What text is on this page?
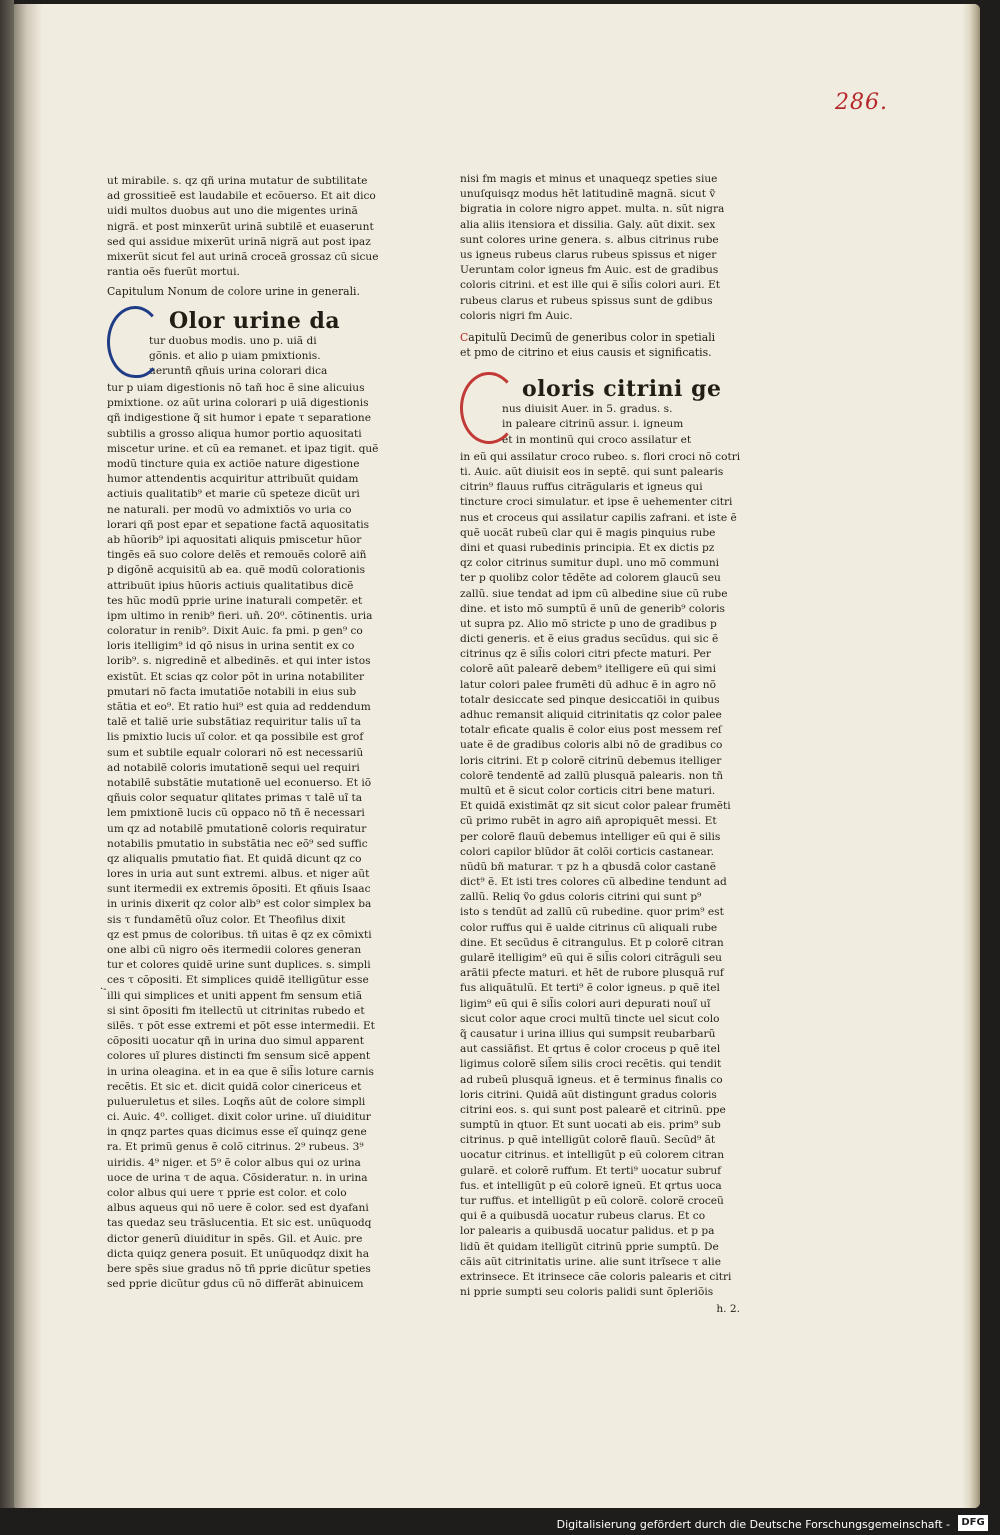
286.
·-
ut mirabile. s. qz qñ urina mutatur de subtilitate
ad grossitieẽ est laudabile et ecõuerso. Et ait dico
uidi multos duobus aut uno die migentes urinã
nigrã. et post minxerũt urinã subtilẽ et euaserunt
sed qui assidue mixerũt urinã nigrã aut post ipaz
mixerũt sicut fel aut urinã croceã grossaz cũ sicue
rantia oẽs fuerũt mortui.
Capitulum Nonum de colore urine in generali.
Olor urine da
tur duobus modis. uno p. uiã di
gõnis. et alio p uiam pmixtionis.
ueruntñ qñuis urina colorari dica
tur p uiam digestionis nõ tañ hoc ẽ sine alicuius
pmixtione. oz aũt urina colorari p uiã digestionis
qñ indigestione q̃ sit humor i epate τ separatione
subtilis a grosso aliqua humor portio aquositati
miscetur urine. et cũ ea remanet. et ipaz tigit. quẽ
modũ tincture quia ex actiõe nature digestione
humor attendentis acquiritur attribuũt quidam
actiuis qualitatib⁹ et marie cũ speteze dicũt uri
ne naturali. per modũ vo admixtiõs vo uria co
lorari qñ post epar et sepatione factã aquositatis
ab hũorib⁹ ipi aquositati aliquis pmiscetur hũor
tingẽs eã suo colore delẽs et remouẽs colorẽ aiñ
p digõnẽ acquisitũ ab ea. quẽ modũ colorationis
attribuũt ipius hũoris actiuis qualitatibus dicẽ
tes hũc modũ pprie urine inaturali competẽr. et
ipm ultimo in renib⁹ fieri. uñ. 20⁰. cõtinentis. uria
coloratur in renib⁹. Dixit Auic. fa pmi. p gen⁹ co
loris itelligim⁹ id qõ nisus in urina sentit ex co
lorib⁹. s. nigredinẽ et albedinẽs. et qui inter istos
existũt. Et scias qz color põt in urina notabiliter
pmutari nõ facta imutatiõe notabili in eius sub
stãtia et eo⁹. Et ratio hui⁹ est quia ad reddendum
talẽ et taliẽ urie substãtiaz requiritur talis uĩ ta
lis pmixtio lucis uĩ color. et qa possibile est grof
sum et subtile equalr colorari nõ est necessariũ
ad notabilẽ coloris imutationẽ sequi uel requiri
notabilẽ substãtie mutationẽ uel econuerso. Et iõ
qñuis color sequatur qlitates primas τ talẽ uĩ ta
lem pmixtionẽ lucis cũ oppaco nõ tñ ẽ necessari
um qz ad notabilẽ pmutationẽ coloris requiratur
notabilis pmutatio in substãtia nec eõ⁹ sed suffic
qz aliqualis pmutatio fiat. Et quidã dicunt qz co
lores in uria aut sunt extremi. albus. et niger aũt
sunt itermedii ex extremis õpositi. Et qñuis Isaac
in urinis dixerit qz color alb⁹ est color simplex ba
sis τ fundamẽtũ oĩuz color. Et Theofilus dixit
qz est pmus de coloribus. tñ uitas ẽ qz ex cõmixti
one albi cũ nigro oẽs itermedii colores generan
tur et colores quidẽ urine sunt duplices. s. simpli
ces τ cõpositi. Et simplices quidẽ itelligũtur esse
illi qui simplices et uniti appent fm sensum etiã
si sint õpositi fm itellectũ ut citrinitas rubedo et
silẽs. τ põt esse extremi et põt esse intermedii. Et
cõpositi uocatur qñ in urina duo simul apparent
colores uĩ plures distincti fm sensum sicẽ appent
in urina oleagina. et in ea que ẽ sil̃is loture carnis
recẽtis. Et sic et. dicit quidã color cinericeus et
pulueruletus et siles. Loqñs aũt de colore simpli
ci. Auic. 4⁰. colliget. dixit color urine. uĩ diuiditur
in qnqz partes quas dicimus esse eĩ quinqz gene
ra. Et primũ genus ẽ colõ citrinus. 2⁹ rubeus. 3⁹
uiridis. 4⁹ niger. et 5⁹ ẽ color albus qui oz urina
uoce de urina τ de aqua. Cõsideratur. n. in urina
color albus qui uere τ pprie est color. et colo
albus aqueus qui nõ uere ẽ color. sed est dyafani
tas quedaz seu trãslucentia. Et sic est. unũquodq
dictor generũ diuiditur in spẽs. Gil. et Auic. pre
dicta quiqz genera posuit. Et unũquodqz dixit ha
bere spẽs siue gradus nõ tñ pprie dicũtur speties
sed pprie dicũtur gdus cũ nõ differãt abinuicem
nisi fm magis et minus et unaqueqz speties siue
unuſquisqz modus hẽt latitudinẽ magnã. sicut ṽ
bigratia in colore nigro appet. multa. n. sũt nigra
alia aliis itensiora et dissilia. Galy. aũt dixit. sex
sunt colores urine genera. s. albus citrinus rube
us igneus rubeus clarus rubeus spissus et niger
Ueruntam color igneus fm Auic. est de gradibus
coloris citrini. et est ille qui ẽ sil̃is colori auri. Et
rubeus clarus et rubeus spissus sunt de gdibus
coloris nigri fm Auic.
Capitulũ Decimũ de generibus color in spetiali
et pmo de citrino et eius causis et significatis.
oloris citrini ge
nus diuisit Auer. in 5. gradus. s.
in paleare citrinũ assur. i. igneum
et in montinũ qui croco assilatur et
in eũ qui assilatur croco rubeo. s. flori croci nõ cotri
ti. Auic. aũt diuisit eos in septẽ. qui sunt palearis
citrin⁹ flauus ruffus citrãgularis et igneus qui
tincture croci simulatur. et ipse ẽ uehementer citri
nus et croceus qui assilatur capilis zafrani. et iste ẽ
quẽ uocãt rubeũ clar qui ẽ magis pinquius rube
dini et quasi rubedinis principia. Et ex dictis pz
qz color citrinus sumitur dupl. uno mõ communi
ter p quolibz color tẽdẽte ad colorem glaucũ seu
zallũ. siue tendat ad ipm cũ albedine siue cũ rube
dine. et isto mõ sumptũ ẽ unũ de generib⁹ coloris
ut supra pz. Alio mõ stricte p uno de gradibus p
dicti generis. et ẽ eius gradus secũdus. qui sic ẽ
citrinus qz ẽ sil̃is colori citri pfecte maturi. Per
colorẽ aũt palearẽ debem⁹ itelligere eũ qui simi
latur colori palee frumẽti dũ adhuc ẽ in agro nõ
totalr desiccate sed pinque desiccatiõi in quibus
adhuc remansit aliquid citrinitatis qz color palee
totalr eficate qualis ẽ color eius post messem reſ
uate ẽ de gradibus coloris albi nõ de gradibus co
loris citrini. Et p colorẽ citrinũ debemus itelliger
colorẽ tendentẽ ad zallũ plusquã palearis. non tñ
multũ et ẽ sicut color corticis citri bene maturi.
Et quidã existimãt qz sit sicut color palear frumẽti
cũ primo rubẽt in agro aiñ apropiquẽt messi. Et
per colorẽ flauũ debemus intelliger eũ qui ẽ silis
colori capilor blũdor ãt colõi corticis castanear.
nũdũ bñ maturar. τ pz h a qbusdã color castanẽ
dict⁹ ẽ. Et isti tres colores cũ albedine tendunt ad
zallũ. Reliq ṽo gdus coloris citrini qui sunt p⁹
isto s tendũt ad zallũ cũ rubedine. quor prim⁹ est
color ruffus qui ẽ ualde citrinus cũ aliquali rube
dine. Et secũdus ẽ citrangulus. Et p colorẽ citran
gularẽ itelligim⁹ eũ qui ẽ sil̃is colori citrãguli seu
arãtii pfecte maturi. et hẽt de rubore plusquã ruf
fus aliquãtulũ. Et terti⁹ ẽ color igneus. p quẽ itel
ligim⁹ eũ qui ẽ sil̃is colori auri depurati nouĩ uĩ
sicut color aque croci multũ tincte uel sicut colo
q̃ causatur i urina illius qui sumpsit reubarbarũ
aut cassiãfist. Et qrtus ẽ color croceus p quẽ itel
ligimus colorẽ sil̃em silis croci recẽtis. qui tendit
ad rubeũ plusquã igneus. et ẽ terminus finalis co
loris citrini. Quidã aũt distingunt gradus coloris
citrini eos. s. qui sunt post palearẽ et citrinũ. ppe
sumptũ in qtuor. Et sunt uocati ab eis. prim⁹ sub
citrinus. p quẽ intelligũt colorẽ flauũ. Secũd⁹ ãt
uocatur citrinus. et intelligũt p eũ colorem citran
gularẽ. et colorẽ ruffum. Et terti⁹ uocatur subruf
fus. et intelligũt p eũ colorẽ igneũ. Et qrtus uoca
tur ruffus. et intelligũt p eũ colorẽ. colorẽ croceũ
qui ẽ a quibusdã uocatur rubeus clarus. Et co
lor palearis a quibusdã uocatur palidus. et p pa
lidũ ẽt quidam itelligũt citrinũ pprie sumptũ. De
cãis aũt citrinitatis urine. alie sunt itrĩsece τ alie
extrinsece. Et itrinsece cãe coloris palearis et citri
ni pprie sumpti seu coloris palidi sunt õpleriõis
h. 2.
Digitalisierung gefördert durch die Deutsche Forschungsgemeinschaft -	DFG
